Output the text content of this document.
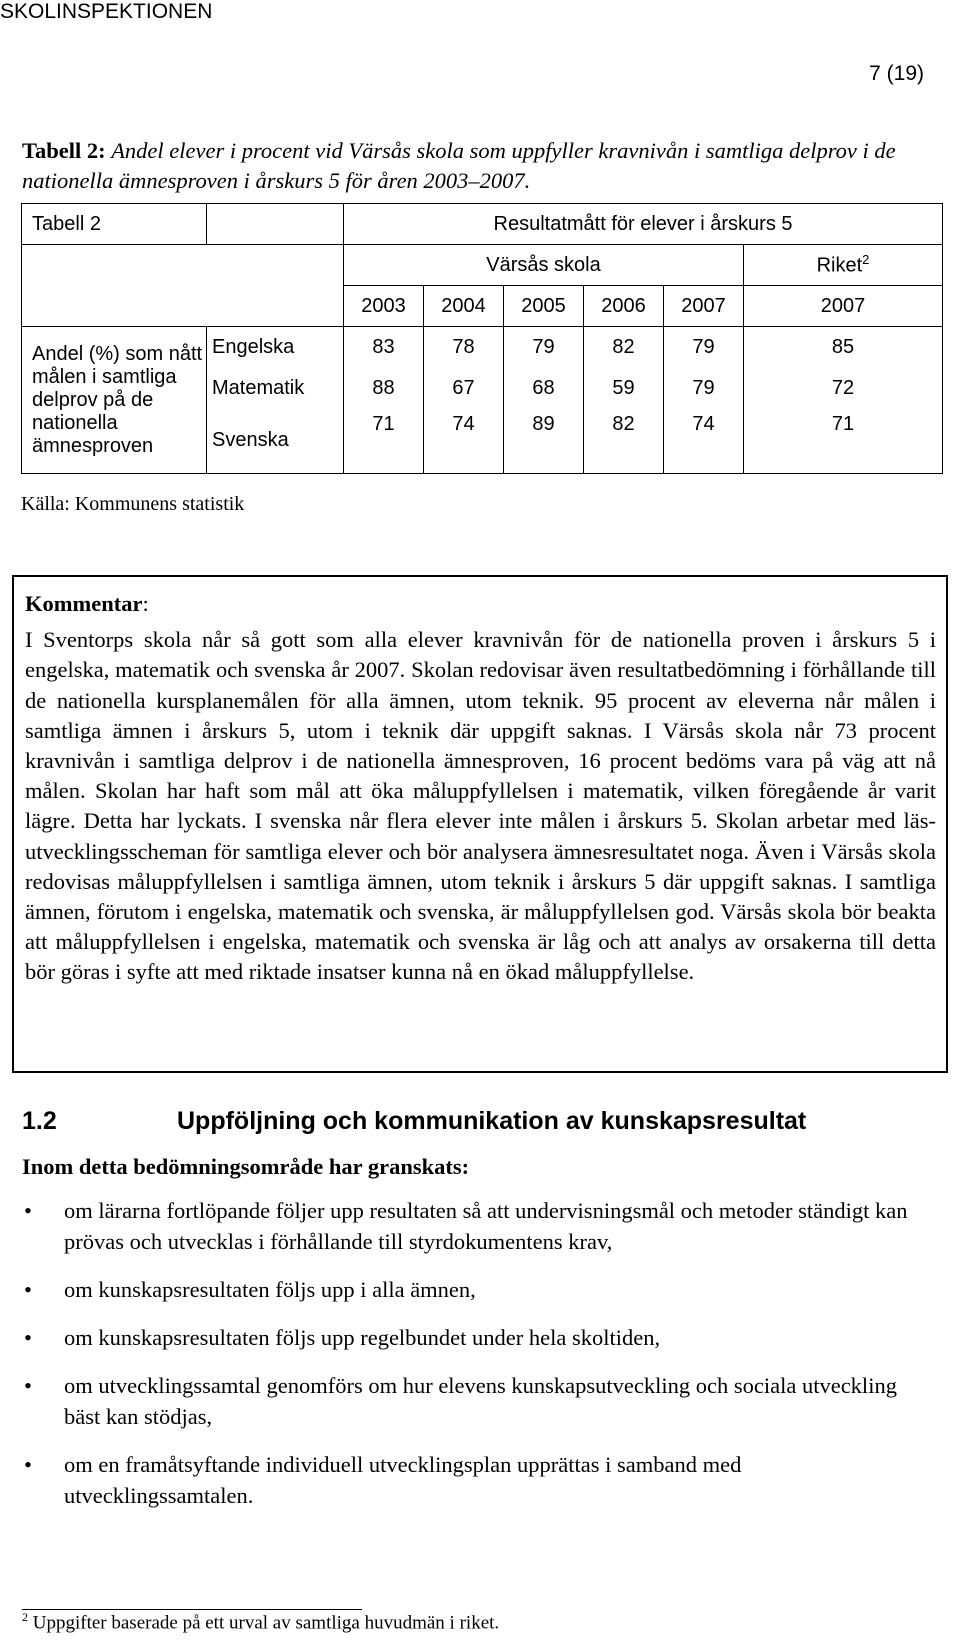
SKOLINSPEKTIONEN
7 (19)
Tabell 2: Andel elever i procent vid Värsås skola som uppfyller kravnivån i samtliga delprov i de nationella ämnesproven i årskurs 5 för åren 2003–2007.
Tabell 2		Resultatmått för elever i årskurs 5					
		Värsås skola					Riket$^2$
		2003	2004	2005	2006	2007	2007
Andel (%) som nått målen i samtliga delprov på de nationella ämnesproven	Engelska	83	78	79	82	79	85
	Matematik	88	67	68	59	79	72
	Svenska	71	74	89	82	74	71
Källa: Kommunens statistik
Kommentar:

I Sventorps skola når så gott som alla elever kravnivån för de nationella proven i årskurs 5 i engelska, matematik och svenska år 2007. Skolan redovisar även resultatbedömning i förhållande till de nationella kursplanemålen för alla ämnen, utom teknik. 95 procent av eleverna når målen i samtliga ämnen i årskurs 5, utom i teknik där uppgift saknas. I Värsås skola når 73 procent kravnivån i samtliga delprov i de nationella ämnesproven, 16 procent bedöms vara på väg att nå målen. Skolan har haft som mål att öka måluppfyllelsen i matematik, vilken föregående år varit lägre. Detta har lyckats. I svenska når flera elever inte målen i årskurs 5. Skolan arbetar med läsutvecklingsscheman för samtliga elever och bör analysera ämnesresultatet noga. Även i Värsås skola redovisas måluppfyllelsen i samtliga ämnen, utom teknik i årskurs 5 där uppgift saknas. I samtliga ämnen, förutom i engelska, matematik och svenska, är måluppfyllelsen god. Värsås skola bör beakta att måluppfyllelsen i engelska, matematik och svenska är låg och att analys av orsakerna till detta bör göras i syfte att med riktade insatser kunna nå en ökad måluppfyllelse.

1.2	Uppföljning och kommunikation av kunskapsresultat
Inom detta bedömningsområde har granskats:
• om lärarna fortlöpande följer upp resultaten så att undervisningsmål och metoder ständigt kan prövas och utvecklas i förhållande till styrdokumentens krav,
• om kunskapsresultaten följs upp i alla ämnen,
• om kunskapsresultaten följs upp regelbundet under hela skoltiden,
• om utvecklingssamtal genomförs om hur elevens kunskapsutveckling och sociala utveckling bäst kan stödjas,
• om en framåtsyftande individuell utvecklingsplan upprättas i samband med utvecklingssamtalen.
$^2$ Uppgifter baserade på ett urval av samtliga huvudmän i riket.
